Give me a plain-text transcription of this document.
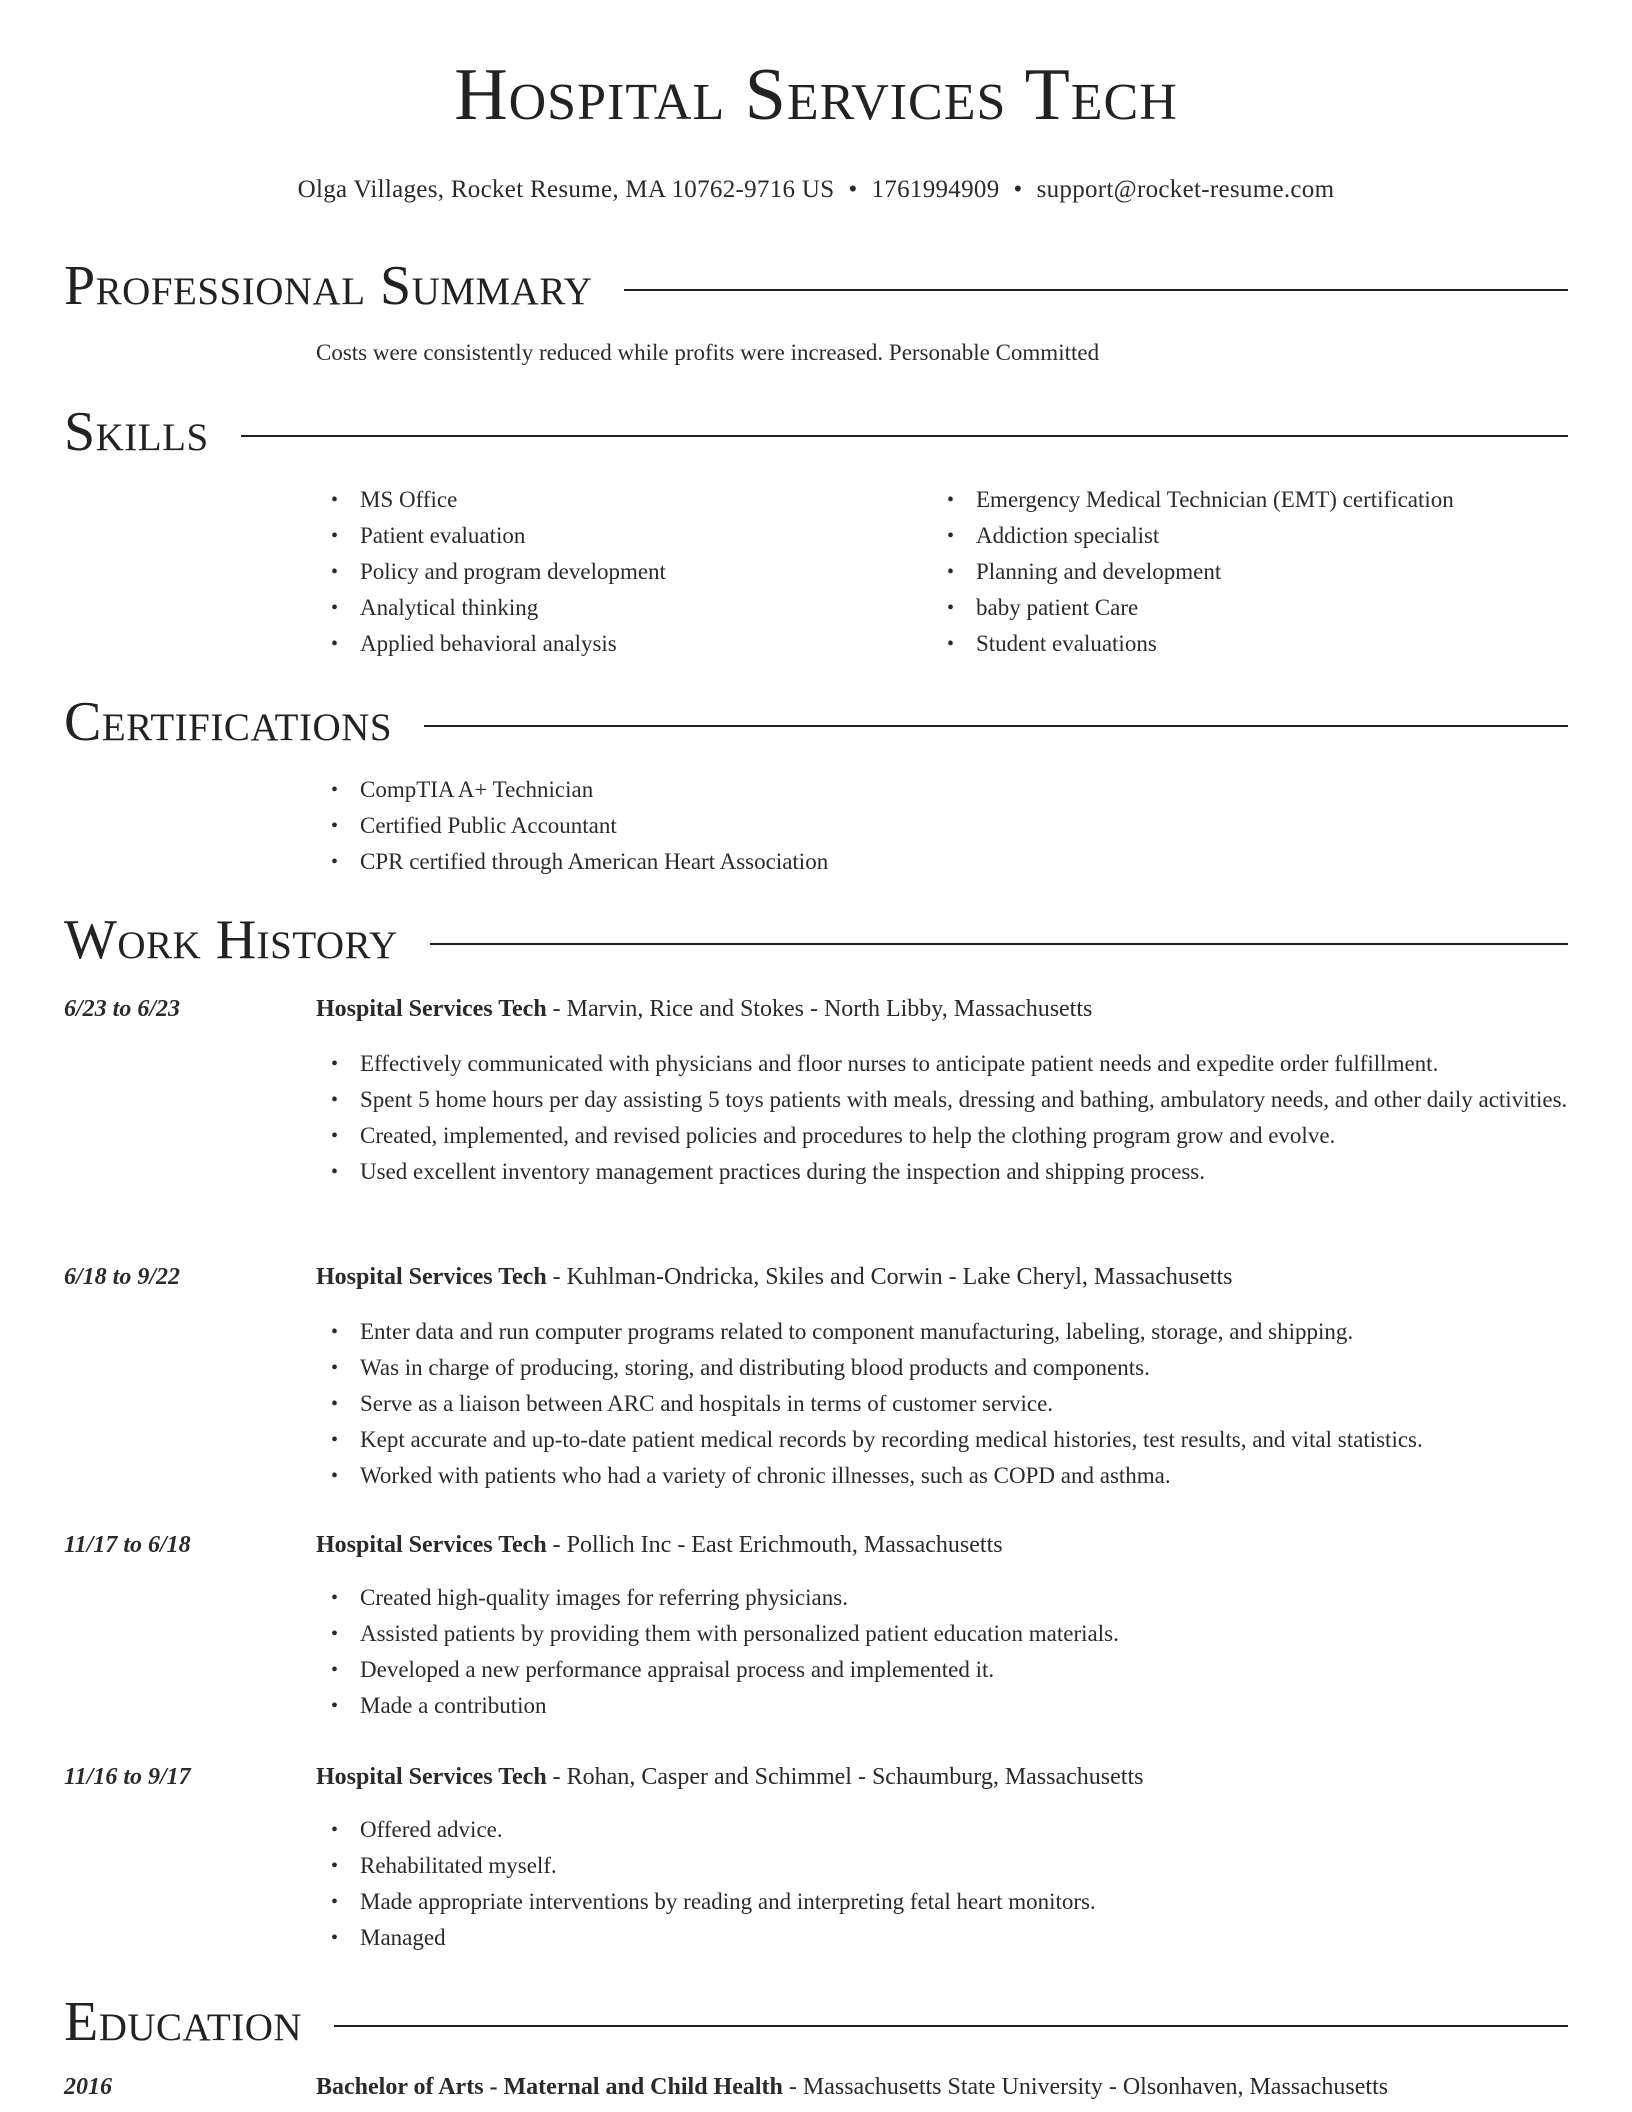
Hospital Services Tech
Olga Villages, Rocket Resume, MA 10762-9716 US • 1761994909 • support@rocket-resume.com
Professional Summary
Costs were consistently reduced while profits were increased. Personable Committed
Skills
• MS Office
• Patient evaluation
• Policy and program development
• Analytical thinking
• Applied behavioral analysis
• Emergency Medical Technician (EMT) certification
• Addiction specialist
• Planning and development
• baby patient Care
• Student evaluations
Certifications
• CompTIA A+ Technician
• Certified Public Accountant
• CPR certified through American Heart Association
Work History
6/23 to 6/23	Hospital Services Tech - Marvin, Rice and Stokes - North Libby, Massachusetts
• Effectively communicated with physicians and floor nurses to anticipate patient needs and expedite order fulfillment.
• Spent 5 home hours per day assisting 5 toys patients with meals, dressing and bathing, ambulatory needs, and other daily activities.
• Created, implemented, and revised policies and procedures to help the clothing program grow and evolve.
• Used excellent inventory management practices during the inspection and shipping process.
6/18 to 9/22	Hospital Services Tech - Kuhlman-Ondricka, Skiles and Corwin - Lake Cheryl, Massachusetts
• Enter data and run computer programs related to component manufacturing, labeling, storage, and shipping.
• Was in charge of producing, storing, and distributing blood products and components.
• Serve as a liaison between ARC and hospitals in terms of customer service.
• Kept accurate and up-to-date patient medical records by recording medical histories, test results, and vital statistics.
• Worked with patients who had a variety of chronic illnesses, such as COPD and asthma.
11/17 to 6/18	Hospital Services Tech - Pollich Inc - East Erichmouth, Massachusetts
• Created high-quality images for referring physicians.
• Assisted patients by providing them with personalized patient education materials.
• Developed a new performance appraisal process and implemented it.
• Made a contribution
11/16 to 9/17	Hospital Services Tech - Rohan, Casper and Schimmel - Schaumburg, Massachusetts
• Offered advice.
• Rehabilitated myself.
• Made appropriate interventions by reading and interpreting fetal heart monitors.
• Managed
Education
2016	Bachelor of Arts - Maternal and Child Health - Massachusetts State University - Olsonhaven, Massachusetts
